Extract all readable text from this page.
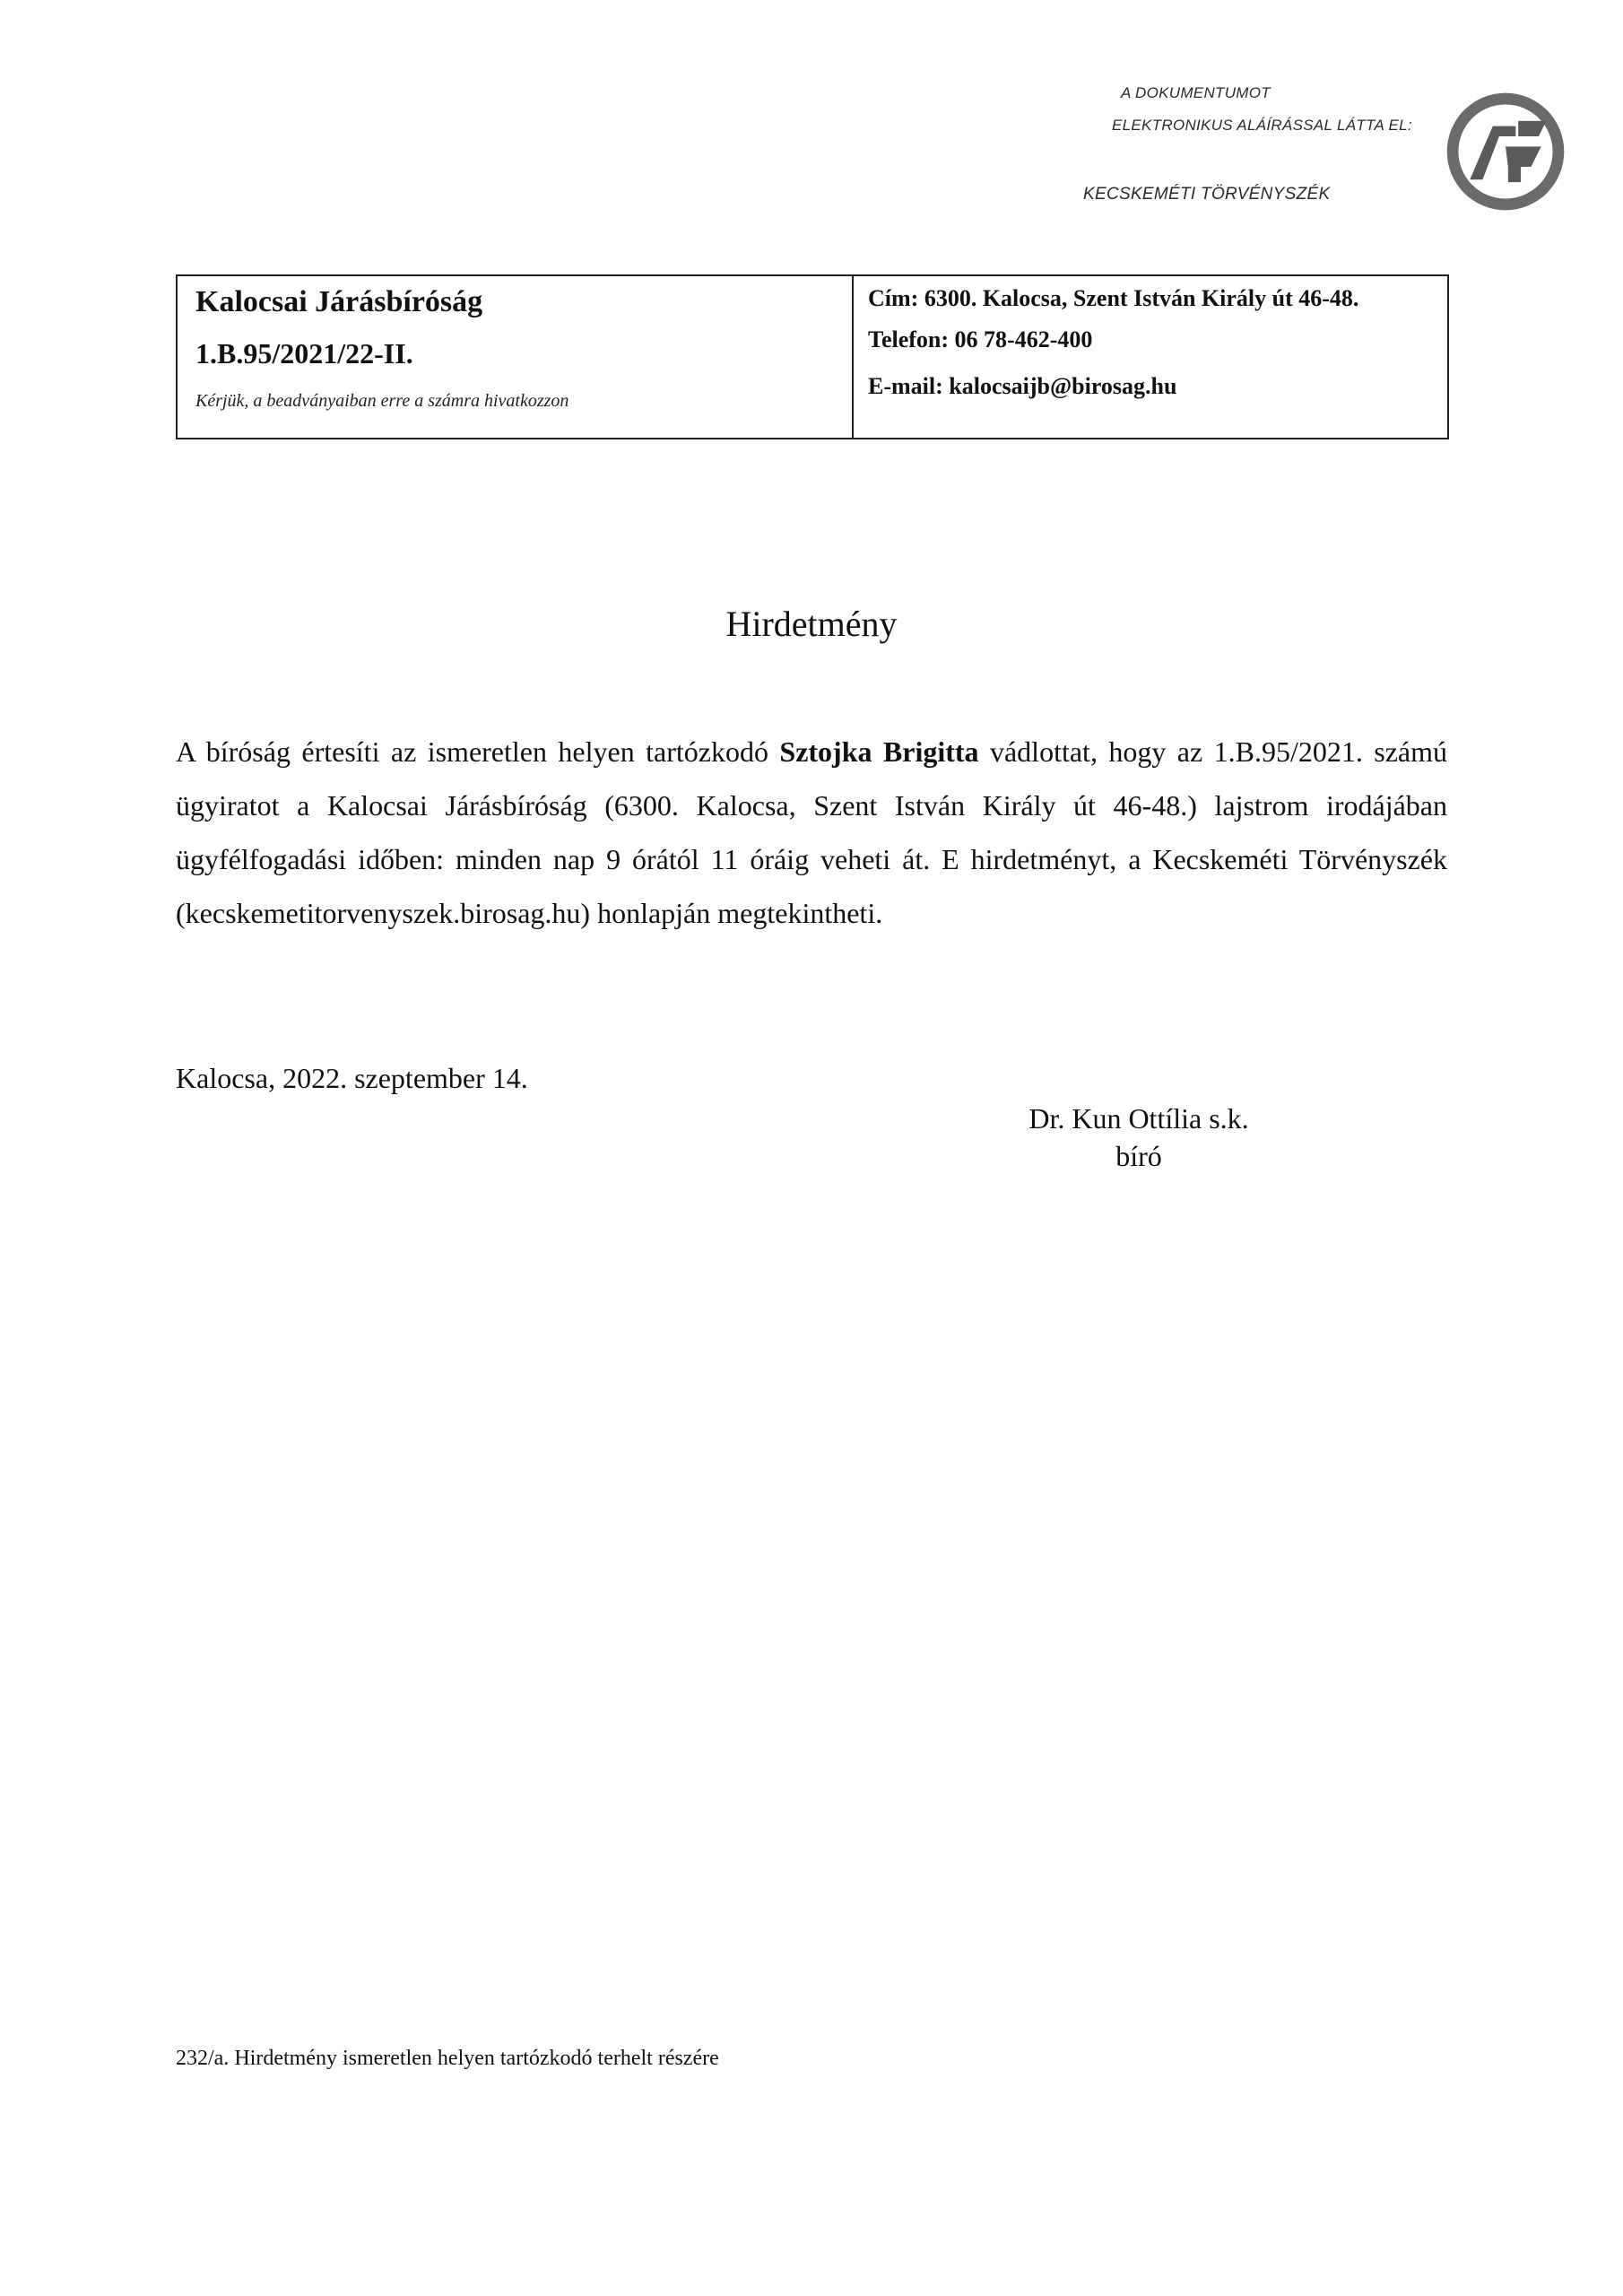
A DOKUMENTUMOT
ELEKTRONIKUS ALÁÍRÁSSAL LÁTTA EL:
KECSKEMÉTI TÖRVÉNYSZÉK
Kalocsai Járásbíróság
1.B.95/2021/22-II.
Kérjük, a beadványaiban erre a számra hivatkozzon
Cím: 6300. Kalocsa, Szent István Király út 46-48.
Telefon: 06 78-462-400
E-mail: kalocsaijb@birosag.hu
Hirdetmény
A bíróság értesíti az ismeretlen helyen tartózkodó Sztojka Brigitta vádlottat, hogy az 1.B.95/2021. számú ügyiratot a Kalocsai Járásbíróság (6300. Kalocsa, Szent István Király út 46-48.) lajstrom irodájában ügyfélfogadási időben: minden nap 9 órától 11 óráig veheti át. E hirdetményt, a Kecskeméti Törvényszék (kecskemetitorvenyszek.birosag.hu) honlapján megtekintheti.
Kalocsa, 2022. szeptember 14.
Dr. Kun Ottília s.k.
bíró
232/a. Hirdetmény ismeretlen helyen tartózkodó terhelt részére
